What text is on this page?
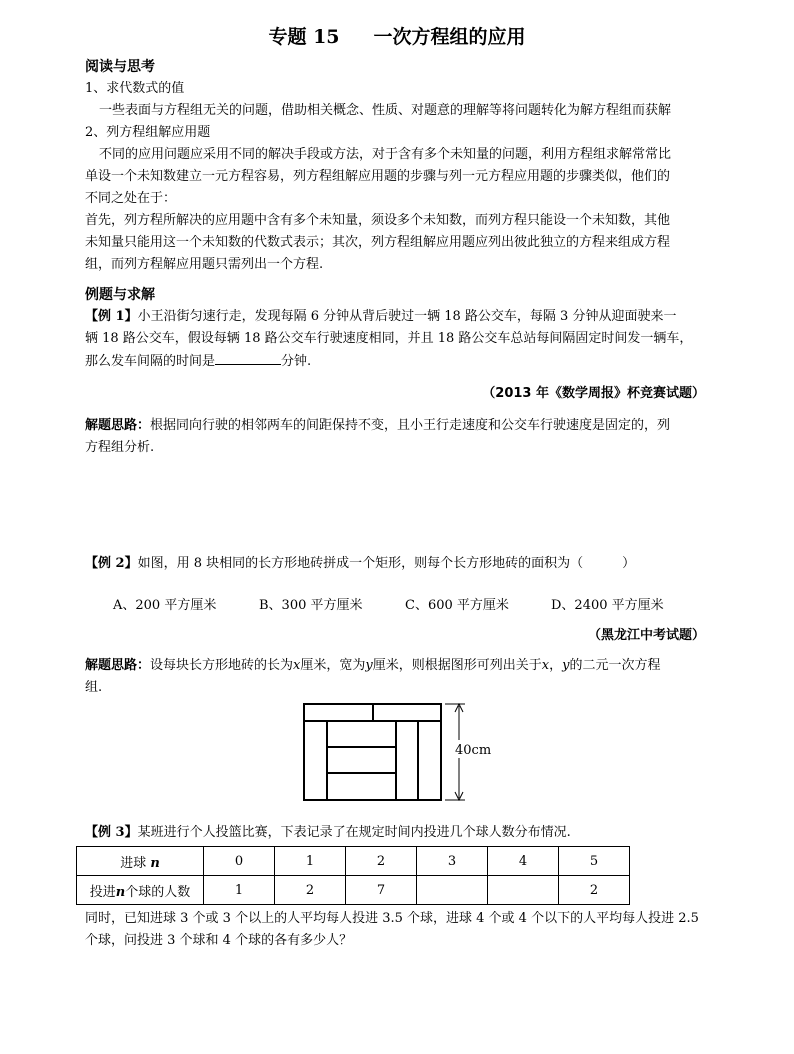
专题 15 一次方程组的应用

阅读与思考

1、求代数式的值

一些表面与方程组无关的问题，借助相关概念、性质、对题意的理解等将问题转化为解方程组而获解

2、列方程组解应用题

不同的应用问题应采用不同的解决手段或方法，对于含有多个未知量的问题，利用方程组求解常常比

单设一个未知数建立一元方程容易，列方程组解应用题的步骤与列一元方程应用题的步骤类似，他们的

不同之处在于：

首先，列方程所解决的应用题中含有多个未知量，须设多个未知数，而列方程只能设一个未知数，其他

未知量只能用这一个未知数的代数式表示；其次，列方程组解应用题应列出彼此独立的方程来组成方程

组，而列方程解应用题只需列出一个方程.

例题与求解

【例 1】小王沿街匀速行走，发现每隔 6 分钟从背后驶过一辆 18 路公交车，每隔 3 分钟从迎面驶来一

辆 18 路公交车，假设每辆 18 路公交车行驶速度相同，并且 18 路公交车总站每间隔固定时间发一辆车，

那么发车间隔的时间是	分钟.

（2013 年《数学周报》杯竞赛试题）

解题思路：根据同向行驶的相邻两车的间距保持不变，且小王行走速度和公交车行驶速度是固定的，列

方程组分析.

【例 2】如图，用 8 块相同的长方形地砖拼成一个矩形，则每个长方形地砖的面积为（　　　）

A、200 平方厘米	B、300 平方厘米	C、600 平方厘米	D、2400 平方厘米

（黑龙江中考试题）

解题思路：设每块长方形地砖的长为x厘米，宽为y厘米，则根据图形可列出关于x，y的二元一次方程

组.

40cm

【例 3】某班进行个人投篮比赛，下表记录了在规定时间内投进几个球人数分布情况.

进球 n	0	1	2	3	4	5
投进n个球的人数	1	2	7			2

同时，已知进球 3 个或 3 个以上的人平均每人投进 3.5 个球，进球 4 个或 4 个以下的人平均每人投进 2.5

个球，问投进 3 个球和 4 个球的各有多少人？
